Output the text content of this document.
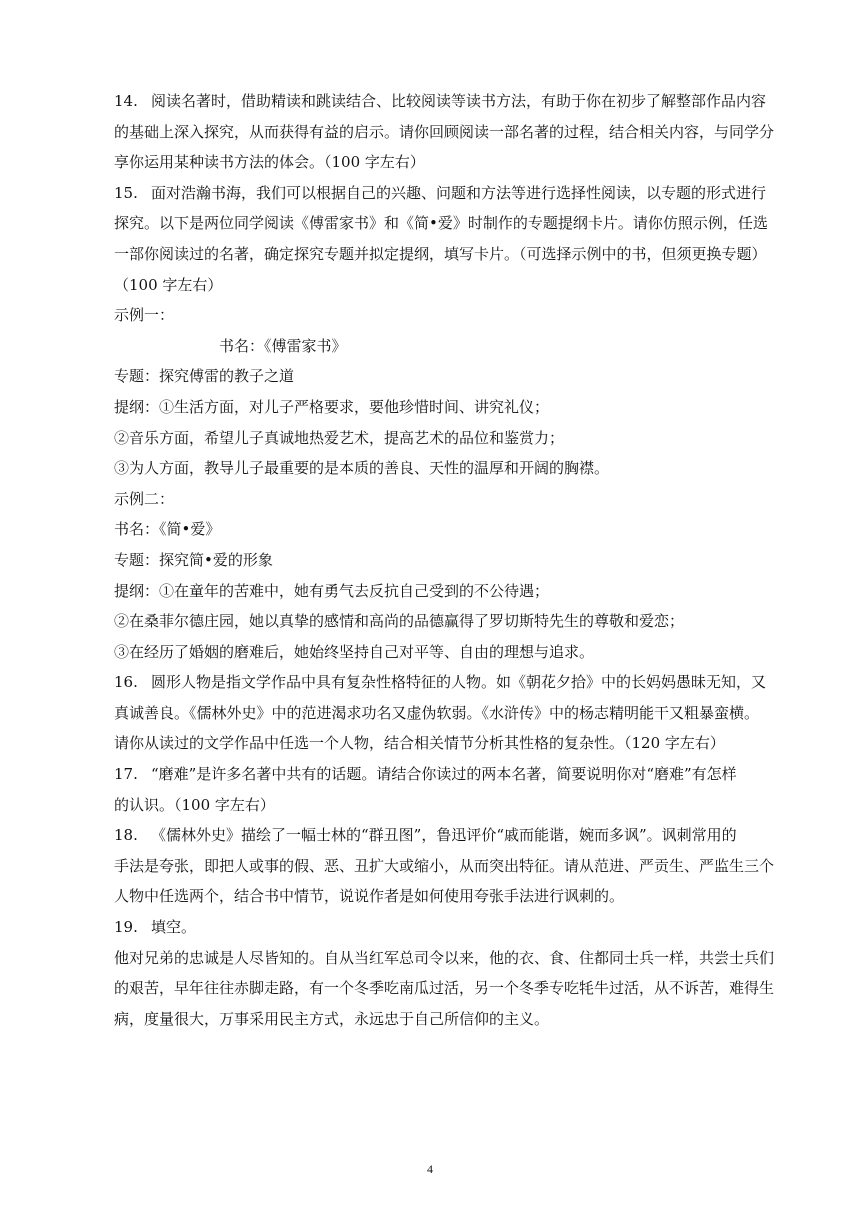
14. 阅读名著时，借助精读和跳读结合、比较阅读等读书方法，有助于你在初步了解整部作品内容
的基础上深入探究，从而获得有益的启示。请你回顾阅读一部名著的过程，结合相关内容，与同学分
享你运用某种读书方法的体会。（100 字左右）
15. 面对浩瀚书海，我们可以根据自己的兴趣、问题和方法等进行选择性阅读，以专题的形式进行
探究。以下是两位同学阅读《傅雷家书》和《简•爱》时制作的专题提纲卡片。请你仿照示例，任选
一部你阅读过的名著，确定探究专题并拟定提纲，填写卡片。（可选择示例中的书，但须更换专题）
（100 字左右）
示例一：
书名：《傅雷家书》
专题：探究傅雷的教子之道
提纲：①生活方面，对儿子严格要求，要他珍惜时间、讲究礼仪；
②音乐方面，希望儿子真诚地热爱艺术，提高艺术的品位和鉴赏力；
③为人方面，教导儿子最重要的是本质的善良、天性的温厚和开阔的胸襟。
示例二：
书名：《简•爱》
专题：探究简•爱的形象
提纲：①在童年的苦难中，她有勇气去反抗自己受到的不公待遇；
②在桑菲尔德庄园，她以真挚的感情和高尚的品德赢得了罗切斯特先生的尊敬和爱恋；
③在经历了婚姻的磨难后，她始终坚持自己对平等、自由的理想与追求。
16. 圆形人物是指文学作品中具有复杂性格特征的人物。如《朝花夕拾》中的长妈妈愚昧无知，又
真诚善良。《儒林外史》中的范进渴求功名又虚伪软弱。《水浒传》中的杨志精明能干又粗暴蛮横。
请你从读过的文学作品中任选一个人物，结合相关情节分析其性格的复杂性。（120 字左右）
17. “磨难”是许多名著中共有的话题。请结合你读过的两本名著，简要说明你对“磨难”有怎样
的认识。（100 字左右）
18. 《儒林外史》描绘了一幅士林的“群丑图”，鲁迅评价“戚而能谐，婉而多讽”。讽刺常用的
手法是夸张，即把人或事的假、恶、丑扩大或缩小，从而突出特征。请从范进、严贡生、严监生三个
人物中任选两个，结合书中情节，说说作者是如何使用夸张手法进行讽刺的。
19. 填空。
他对兄弟的忠诚是人尽皆知的。自从当红军总司令以来，他的衣、食、住都同士兵一样，共尝士兵们
的艰苦，早年往往赤脚走路，有一个冬季吃南瓜过活，另一个冬季专吃牦牛过活，从不诉苦，难得生
病，度量很大，万事采用民主方式，永远忠于自己所信仰的主义。
4
